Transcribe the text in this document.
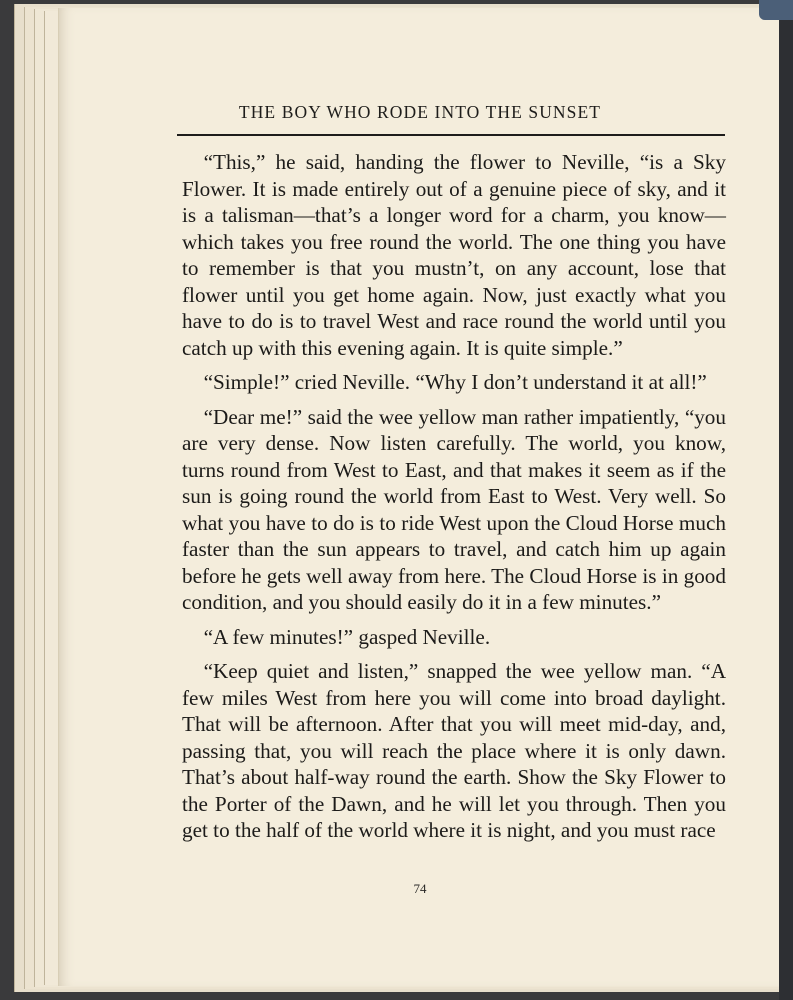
THE BOY WHO RODE INTO THE SUNSET

“This,” he said, handing the flower to Neville, “is a Sky Flower. It is made entirely out of a genuine piece of sky, and it is a talisman—that’s a longer word for a charm, you know—which takes you free round the world. The one thing you have to remember is that you mustn’t, on any account, lose that flower until you get home again. Now, just exactly what you have to do is to travel West and race round the world until you catch up with this evening again. It is quite simple.”

“Simple!” cried Neville. “Why I don’t understand it at all!”

“Dear me!” said the wee yellow man rather impatiently, “you are very dense. Now listen carefully. The world, you know, turns round from West to East, and that makes it seem as if the sun is going round the world from East to West. Very well. So what you have to do is to ride West upon the Cloud Horse much faster than the sun appears to travel, and catch him up again before he gets well away from here. The Cloud Horse is in good condition, and you should easily do it in a few minutes.”

“A few minutes!” gasped Neville.

“Keep quiet and listen,” snapped the wee yellow man. “A few miles West from here you will come into broad daylight. That will be afternoon. After that you will meet mid-day, and, passing that, you will reach the place where it is only dawn. That’s about half-way round the earth. Show the Sky Flower to the Porter of the Dawn, and he will let you through. Then you get to the half of the world where it is night, and you must race

74
